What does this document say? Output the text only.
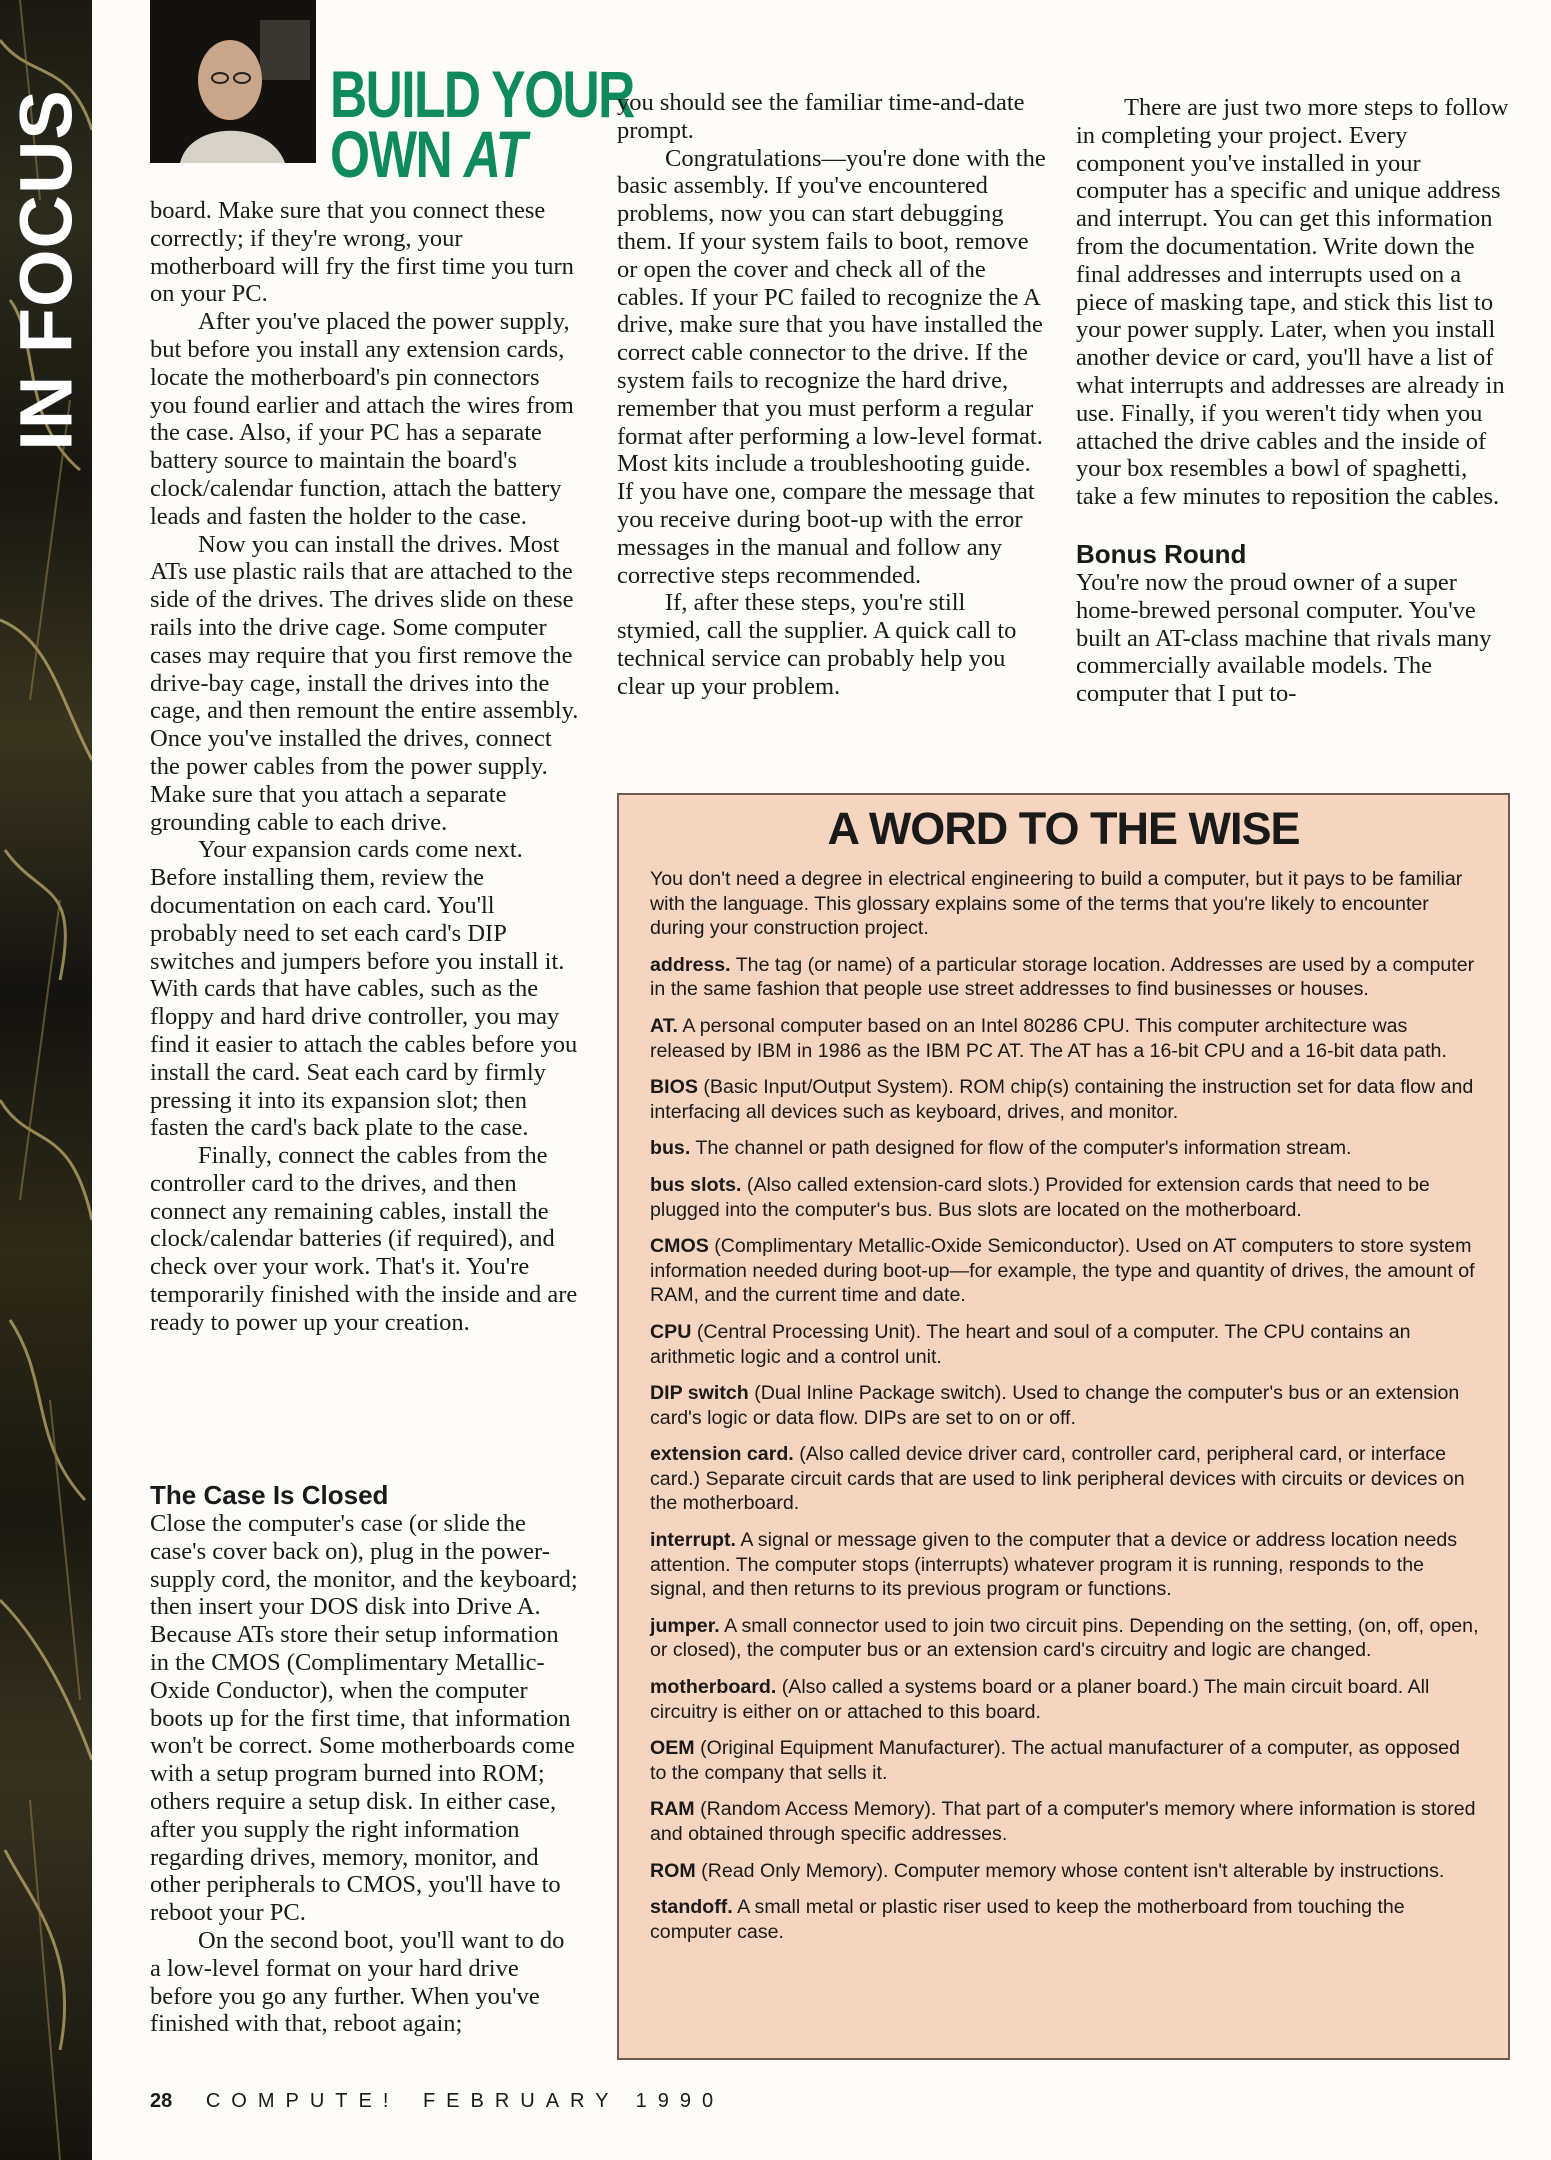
IN FOCUS	BUILD YOUR
OWN AT

board. Make sure that you connect these correctly; if they're wrong, your motherboard will fry the first time you turn on your PC.

After you've placed the power supply, but before you install any extension cards, locate the motherboard's pin connectors you found earlier and attach the wires from the case. Also, if your PC has a separate battery source to maintain the board's clock/calendar function, attach the battery leads and fasten the holder to the case.

Now you can install the drives. Most ATs use plastic rails that are attached to the side of the drives. The drives slide on these rails into the drive cage. Some computer cases may require that you first remove the drive-bay cage, install the drives into the cage, and then remount the entire assembly. Once you've installed the drives, connect the power cables from the power supply. Make sure that you attach a separate grounding cable to each drive.

Your expansion cards come next. Before installing them, review the documentation on each card. You'll probably need to set each card's DIP switches and jumpers before you install it. With cards that have cables, such as the floppy and hard drive controller, you may find it easier to attach the cables before you install the card. Seat each card by firmly pressing it into its expansion slot; then fasten the card's back plate to the case.

Finally, connect the cables from the controller card to the drives, and then connect any remaining cables, install the clock/calendar batteries (if required), and check over your work. That's it. You're temporarily finished with the inside and are ready to power up your creation.

The Case Is Closed

Close the computer's case (or slide the case's cover back on), plug in the power-supply cord, the monitor, and the keyboard; then insert your DOS disk into Drive A. Because ATs store their setup information in the CMOS (Complimentary Metallic-Oxide Conductor), when the computer boots up for the first time, that information won't be correct. Some motherboards come with a setup program burned into ROM; others require a setup disk. In either case, after you supply the right information regarding drives, memory, monitor, and other peripherals to CMOS, you'll have to reboot your PC.

On the second boot, you'll want to do a low-level format on your hard drive before you go any further. When you've finished with that, reboot again;

you should see the familiar time-and-date prompt.

Congratulations—you're done with the basic assembly. If you've encountered problems, now you can start debugging them. If your system fails to boot, remove or open the cover and check all of the cables. If your PC failed to recognize the A drive, make sure that you have installed the correct cable connector to the drive. If the system fails to recognize the hard drive, remember that you must perform a regular format after performing a low-level format. Most kits include a troubleshooting guide. If you have one, compare the message that you receive during boot-up with the error messages in the manual and follow any corrective steps recommended.

If, after these steps, you're still stymied, call the supplier. A quick call to technical service can probably help you clear up your problem.

There are just two more steps to follow in completing your project. Every component you've installed in your computer has a specific and unique address and interrupt. You can get this information from the documentation. Write down the final addresses and interrupts used on a piece of masking tape, and stick this list to your power supply. Later, when you install another device or card, you'll have a list of what interrupts and addresses are already in use. Finally, if you weren't tidy when you attached the drive cables and the inside of your box resembles a bowl of spaghetti, take a few minutes to reposition the cables.

Bonus Round

You're now the proud owner of a super home-brewed personal computer. You've built an AT-class machine that rivals many commercially available models. The computer that I put to-

A WORD TO THE WISE

You don't need a degree in electrical engineering to build a computer, but it pays to be familiar with the language. This glossary explains some of the terms that you're likely to encounter during your construction project.

address. The tag (or name) of a particular storage location. Addresses are used by a computer in the same fashion that people use street addresses to find businesses or houses.

AT. A personal computer based on an Intel 80286 CPU. This computer architecture was released by IBM in 1986 as the IBM PC AT. The AT has a 16-bit CPU and a 16-bit data path.

BIOS (Basic Input/Output System). ROM chip(s) containing the instruction set for data flow and interfacing all devices such as keyboard, drives, and monitor.

bus. The channel or path designed for flow of the computer's information stream.

bus slots. (Also called extension-card slots.) Provided for extension cards that need to be plugged into the computer's bus. Bus slots are located on the motherboard.

CMOS (Complimentary Metallic-Oxide Semiconductor). Used on AT computers to store system information needed during boot-up—for example, the type and quantity of drives, the amount of RAM, and the current time and date.

CPU (Central Processing Unit). The heart and soul of a computer. The CPU contains an arithmetic logic and a control unit.

DIP switch (Dual Inline Package switch). Used to change the computer's bus or an extension card's logic or data flow. DIPs are set to on or off.

extension card. (Also called device driver card, controller card, peripheral card, or interface card.) Separate circuit cards that are used to link peripheral devices with circuits or devices on the motherboard.

interrupt. A signal or message given to the computer that a device or address location needs attention. The computer stops (interrupts) whatever program it is running, responds to the signal, and then returns to its previous program or functions.

jumper. A small connector used to join two circuit pins. Depending on the setting, (on, off, open, or closed), the computer bus or an extension card's circuitry and logic are changed.

motherboard. (Also called a systems board or a planer board.) The main circuit board. All circuitry is either on or attached to this board.

OEM (Original Equipment Manufacturer). The actual manufacturer of a computer, as opposed to the company that sells it.

RAM (Random Access Memory). That part of a computer's memory where information is stored and obtained through specific addresses.

ROM (Read Only Memory). Computer memory whose content isn't alterable by instructions.

standoff. A small metal or plastic riser used to keep the motherboard from touching the computer case.

28 COMPUTE! FEBRUARY 1990
